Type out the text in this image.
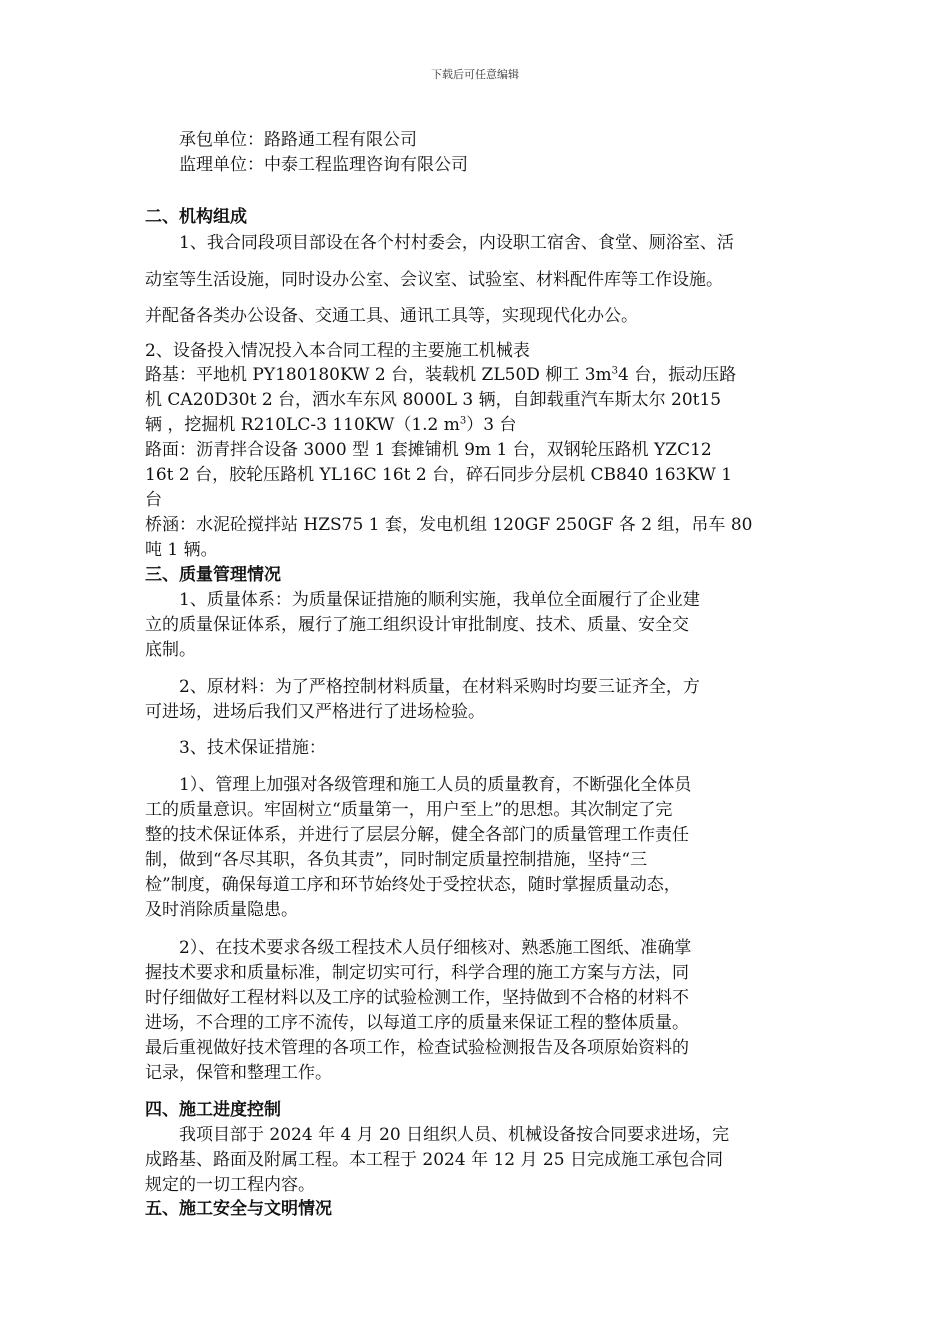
下载后可任意编辑
承包单位：路路通工程有限公司
监理单位：中泰工程监理咨询有限公司
二、机构组成
1、我合同段项目部设在各个村村委会，内设职工宿舍、食堂、厕浴室、活
动室等生活设施，同时设办公室、会议室、试验室、材料配件库等工作设施。
并配备各类办公设备、交通工具、通讯工具等，实现现代化办公。
2、设备投入情况投入本合同工程的主要施工机械表
路基：平地机 PY180180KW 2 台，装载机 ZL50D 柳工 $3m^34$ 台，振动压路
机 CA20D30t 2 台，洒水车东风 8000L 3 辆，自卸载重汽车斯太尔 20t15
辆 ，挖掘机 R210LC-3 110KW（1.2 $m^3)3$ 台
路面：沥青拌合设备 3000 型 1 套摊铺机 9m 1 台，双钢轮压路机 YZC12
16t 2 台，胶轮压路机 YL16C 16t 2 台，碎石同步分层机 CB840 163KW 1
台
桥涵：水泥砼搅拌站 HZS75 1 套，发电机组 120GF 250GF 各 2 组，吊车 80
吨 1 辆。
三、质量管理情况
1、质量体系：为质量保证措施的顺利实施，我单位全面履行了企业建
立的质量保证体系，履行了施工组织设计审批制度、技术、质量、安全交
底制。
2、原材料：为了严格控制材料质量，在材料采购时均要三证齐全，方
可进场，进场后我们又严格进行了进场检验。
3、技术保证措施：
1）、管理上加强对各级管理和施工人员的质量教育，不断强化全体员
工的质量意识。牢固树立“质量第一，用户至上”的思想。其次制定了完
整的技术保证体系，并进行了层层分解，健全各部门的质量管理工作责任
制，做到“各尽其职，各负其责”，同时制定质量控制措施，坚持“三
检”制度，确保每道工序和环节始终处于受控状态，随时掌握质量动态，
及时消除质量隐患。
2）、在技术要求各级工程技术人员仔细核对、熟悉施工图纸、准确掌
握技术要求和质量标准，制定切实可行，科学合理的施工方案与方法，同
时仔细做好工程材料以及工序的试验检测工作，坚持做到不合格的材料不
进场，不合理的工序不流传，以每道工序的质量来保证工程的整体质量。
最后重视做好技术管理的各项工作，检查试验检测报告及各项原始资料的
记录，保管和整理工作。
四、施工进度控制
我项目部于 2024 年 4 月 20 日组织人员、机械设备按合同要求进场，完
成路基、路面及附属工程。本工程于 2024 年 12 月 25 日完成施工承包合同
规定的一切工程内容。
五、施工安全与文明情况
